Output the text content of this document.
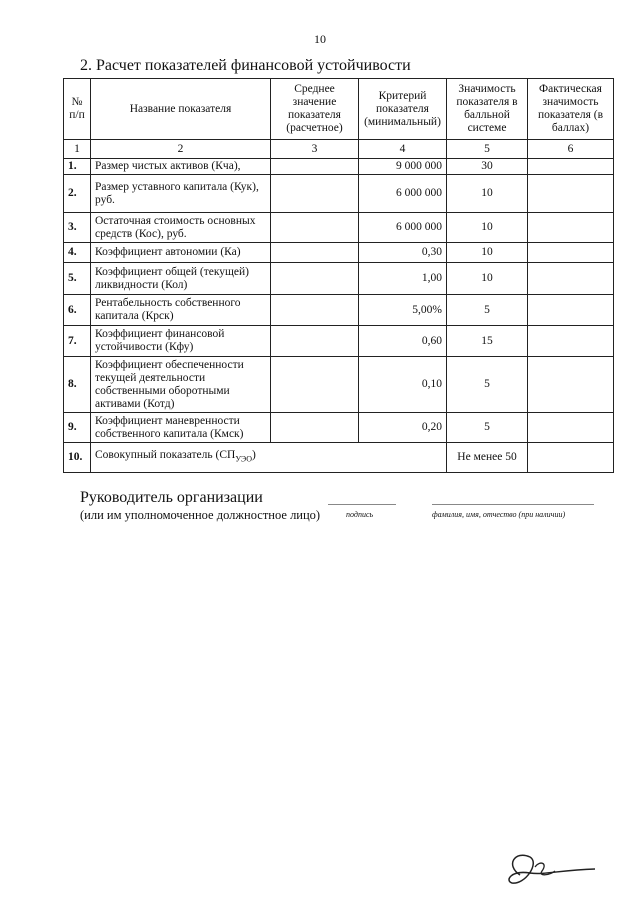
10
2. Расчет показателей финансовой устойчивости
№ п/п	Название показателя	Среднее значение показателя (расчетное)	Критерий показателя (минимальный)	Значимость показателя в балльной системе	Фактическая значимость показателя (в баллах)
1	2	3	4	5	6
1.	Размер чистых активов (Кча),		9 000 000	30	
2.	Размер уставного капитала (Кук), руб.		6 000 000	10	
3.	Остаточная стоимость основных средств (Кос), руб.		6 000 000	10	
4.	Коэффициент автономии (Ка)		0,30	10	
5.	Коэффициент общей (текущей) ликвидности (Кол)		1,00	10	
6.	Рентабельность собственного капитала (Крск)		5,00%	5	
7.	Коэффициент финансовой устойчивости (Кфу)		0,60	15	
8.	Коэффициент обеспеченности текущей деятельности собственными оборотными активами (Котд)		0,10	5	
9.	Коэффициент маневренности собственного капитала (Кмск)		0,20	5	
10.	Совокупный показатель $(СП_{УЭО})$			Не менее 50	
Руководитель организации
(или им уполномоченное должностное лицо)	подпись	фамилия, имя, отчество (при наличии)
